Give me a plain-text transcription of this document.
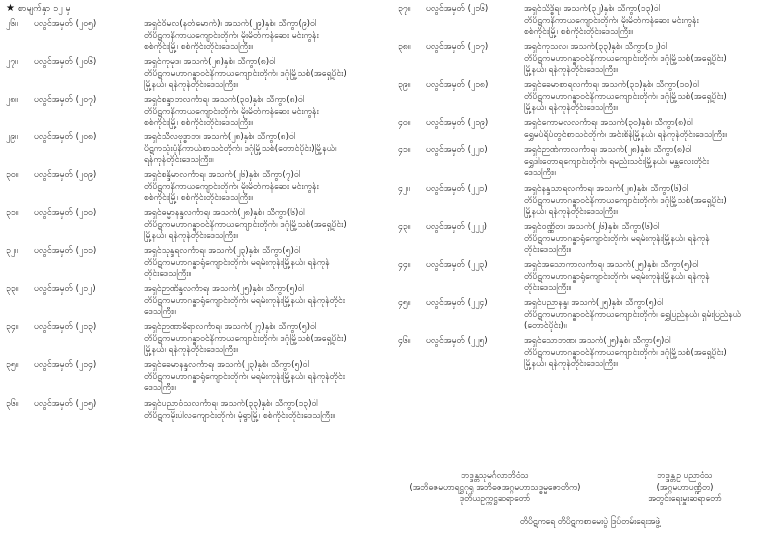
★ စာမျက်နှာ ၁၂ မှ
၂၆။ ပလွင်အမှတ် (၂၀၅)	အရှင်ဝိမလ(နတ်မောက်)၊ အသက်(၂၉)နှစ်၊ သီကွာ(၉)ဝါ
တိပိဋကနိကာယကျောင်းတိုက်၊ မိုးမိတ်ကန်ဆေး မင်းကွန်း
စစ်ကိုင်းမြို့၊ စစ်ကိုင်းတိုင်းဒေသကြီး။
၂၇။ ပလွင်အမှတ် (၂၀၆)	အရှင်ကုမုဒ၊ အသက်(၂၈)နှစ်၊ သီကွာ(၈)ဝါ
တိပိဋကမဟာဂန္ဓာဝင်နိကာယကျောင်းတိုက်၊ ဒဂုံမြို့သစ်(အရှေ့ပိုင်း)
မြို့နယ်၊ ရန်ကုန်တိုင်းဒေသကြီး။
၂၈။ ပလွင်အမှတ် (၂၀၇)	အရှင်စန္ဒာဘလင်္ကာရ၊ အသက်(၃၀)နှစ်၊ သီကွာ(၈)ဝါ
တိပိဋကနိကာယကျောင်းတိုက်၊ မိုးမိတ်ကန်ဆေး မင်းကွန်း
စစ်ကိုင်းမြို့၊ စစ်ကိုင်းတိုင်းဒေသကြီး။
၂၉။ ပလွင်အမှတ် (၂၀၈)	အရှင်သီလဗုဒ္ဓာဘ၊ အသက်(၂၈)နှစ်၊ သီကွာ(၈)ဝါ
ပိဋကသုံးပုံနိကာယ်စာသင်တိုက်၊ ဒဂုံမြို့သစ်(တောင်ပိုင်း)မြို့နယ်၊
ရန်ကုန်တိုင်းဒေသကြီး။
၃၀။ ပလွင်အမှတ် (၂၀၉)	အရှင်စန္ဒိမာလင်္ကာရ၊ အသက်(၂၆)နှစ်၊ သီကွာ(၇)ဝါ
တိပိဋကနိကာယကျောင်းတိုက်၊ မိုးမိတ်ကန်ဆေး မင်းကွန်း
စစ်ကိုင်းမြို့၊ စစ်ကိုင်းတိုင်းဒေသကြီး။
၃၁။ ပလွင်အမှတ် (၂၁၀)	အရှင်ဓမ္မာနန္ဒလင်္ကာရ၊ အသက်(၂၈)နှစ်၊ သီကွာ(၆)ဝါ
တိပိဋကမဟာဂန္ဓာဝင်နိကာယကျောင်းတိုက်၊ ဒဂုံမြို့သစ်(အရှေ့ပိုင်း)
မြို့နယ်၊ ရန်ကုန်တိုင်းဒေသကြီး။
၃၂။ ပလွင်အမှတ် (၂၁၁)	အရှင်သုန္ဒရလင်္ကာရ၊ အသက်(၂၃)နှစ်၊ သီကွာ(၅)ဝါ
တိပိဋကမဟာဂန္ဓာရုံကျောင်းတိုက်၊ မရမ်းကုန်းမြို့နယ်၊ ရန်ကုန်
တိုင်းဒေသကြီး။
၃၃။ ပလွင်အမှတ် (၂၁၂)	အရှင်ဉာဏိန္ဒလင်္ကာရ၊ အသက်(၂၅)နှစ်၊ သီကွာ(၅)ဝါ
တိပိဋကမဟာဂန္ဓာရုံကျောင်းတိုက်၊ မရမ်းကုန်းမြို့နယ်၊ ရန်ကုန်တိုင်း
ဒေသကြီး။
၃၄။ ပလွင်အမှတ် (၂၁၃)	အရှင်ဉာဏာဓိရာလင်္ကာရ၊ အသက်(၂၇)နှစ်၊ သီကွာ(၅)ဝါ
တိပိဋကမဟာဂန္ဓာဝင်နိကာယကျောင်းတိုက်၊ ဒဂုံမြို့သစ်(အရှေ့ပိုင်း)
မြို့နယ်၊ ရန်ကုန်တိုင်းဒေသကြီး။
၃၅။ ပလွင်အမှတ် (၂၁၄)	အရှင်ခေမာနန္ဒလင်္ကာရ၊ အသက်(၂၃)နှစ်၊ သီကွာ(၅)ဝါ
တိပိဋကမဟာဂန္ဓာရုံကျောင်းတိုက်၊ မရမ်းကုန်းမြို့နယ်၊ ရန်ကုန်တိုင်း
ဒေသကြီး။
၃၆။ ပလွင်အမှတ် (၂၁၅)	အရှင်ပညာဝံသလင်္ကာရ၊ အသက်(၃၃)နှစ်၊ သီကွာ(၁၃)ဝါ
တိပိဋကမိုးပါလကျောင်းတိုက်၊ မုံရွာမြို့၊ စစ်ကိုင်းတိုင်းဒေသကြီး။
၃၇။ ပလွင်အမှတ် (၂၁၆)	အရှင်သိဒ္ဓိရ၊ အသက်(၃၂)နှစ်၊ သီကွာ(၁၃)ဝါ
တိပိဋကနိကာယကျောင်းတိုက်၊ မိုးမိတ်ကန်ဆေး မင်းကွန်း
စစ်ကိုင်းမြို့၊ စစ်ကိုင်းတိုင်းဒေသကြီး။
၃၈။ ပလွင်အမှတ် (၂၁၇)	အရှင်ကုသလ၊ အသက်(၃၃)နှစ်၊ သီကွာ(၁၂)ဝါ
တိပိဋကမဟာဂန္ဓာဝင်နိကာယကျောင်းတိုက်၊ ဒဂုံမြို့သစ်(အရှေ့ပိုင်း)
မြို့နယ်၊ ရန်ကုန်တိုင်းဒေသကြီး။
၃၉။ ပလွင်အမှတ် (၂၁၈)	အရှင်ခေမာစာရလင်္ကာရ၊ အသက်(၃၁)နှစ်၊ သီကွာ(၁၀)ဝါ
တိပိဋကမဟာဂန္ဓာဝင်နိကာယကျောင်းတိုက်၊ ဒဂုံမြို့သစ်(အရှေ့ပိုင်း)
မြို့နယ်၊ ရန်ကုန်တိုင်းဒေသကြီး။
၄၀။ ပလွင်အမှတ် (၂၁၉)	အရှင်ကောမလလင်္ကာရ၊ အသက်(၃၀)နှစ်၊ သီကွာ(၈)ဝါ
ရွှေမပ်ရိပ်တွင်စာသင်တိုက်၊ အင်းစိန်မြို့နယ်၊ ရန်ကုန်တိုင်းဒေသကြီး။
၄၁။ ပလွင်အမှတ် (၂၂၀)	အရှင်ဉာဏ်ကာလင်္ကာရ၊ အသက်(၂၈)နှစ်၊ သီကွာ(၈)ဝါ
ရွှေဒါးတောရကျောင်းတိုက်၊ ရမည်းသင်းမြို့နယ်၊ မန္တလေးတိုင်း
ဒေသကြီး။
၄၂။ ပလွင်အမှတ် (၂၂၁)	အရှင်နန္ဒသာရလင်္ကာရ၊ အသက်(၂၈)နှစ်၊ သီကွာ(၆)ဝါ
တိပိဋကမဟာဂန္ဓာဝင်နိကာယကျောင်းတိုက်၊ ဒဂုံမြို့သစ်(အရှေ့ပိုင်း)
မြို့နယ်၊ ရန်ကုန်တိုင်းဒေသကြီး။
၄၃။ ပလွင်အမှတ် (၂၂၂)	အရှင်ဝဏ္ဏိတ၊ အသက်(၂၆)နှစ်၊ သီကွာ(၆)ဝါ
တိပိဋကမဟာဂန္ဓာရုံကျောင်းတိုက်၊ မရမ်းကုန်းမြို့နယ်၊ ရန်ကုန်
တိုင်းဒေသကြီး။
၄၄။ ပလွင်အမှတ် (၂၂၃)	အရှင်အသောကာလင်္ကာရ၊ အသက်(၂၅)နှစ်၊ သီကွာ(၅)ဝါ
တိပိဋကမဟာဂန္ဓာရုံကျောင်းတိုက်၊ မရမ်းကုန်းမြို့နယ်၊ ရန်ကုန်
တိုင်းဒေသကြီး။
၄၅။ ပလွင်အမှတ် (၂၂၄)	အရှင်ပညာနန္ဒ၊ အသက်(၂၅)နှစ်၊ သီကွာ(၅)ဝါ
တိပိဋကမဟာဂန္ဓာဝင်နိကာယကျောင်းတိုက်၊ ရွှေပြည်နယ်၊ ရှမ်းပြည်နယ်
(တောင်ပိုင်း)။
၄၆။ ပလွင်အမှတ် (၂၂၅)	အရှင်သောဘဏ၊ အသက်(၂၅)နှစ်၊ သီကွာ(၅)ဝါ
တိပိဋကမဟာဂန္ဓာဝင်နိကာယကျောင်းတိုက်၊ ဒဂုံမြို့သစ်(အရှေ့ပိုင်း)
မြို့နယ်၊ ရန်ကုန်တိုင်းဒေသကြီး။
ဘဒ္ဒန္တသုမင်္ဂလာဘိဝံသ
(အဘိဓဇမဟာရဋ္ဌဂုရု အဘိဓဇအဂ္ဂမဟာသဒ္ဓမ္မဇောတိက)
ဒုတိယဥက္ကဋ္ဌဆရာတော်
ဘဒ္ဒန္တဥ ပညာဝံသ
(အဂ္ဂမဟာပဏ္ဍိတ)
အတွင်းရေးမှူးဆရာတော်
တိပိဋကရေ တိပိဋကစာမေးပွဲ ဒြပ်တမ်းရေးအဖွဲ့
